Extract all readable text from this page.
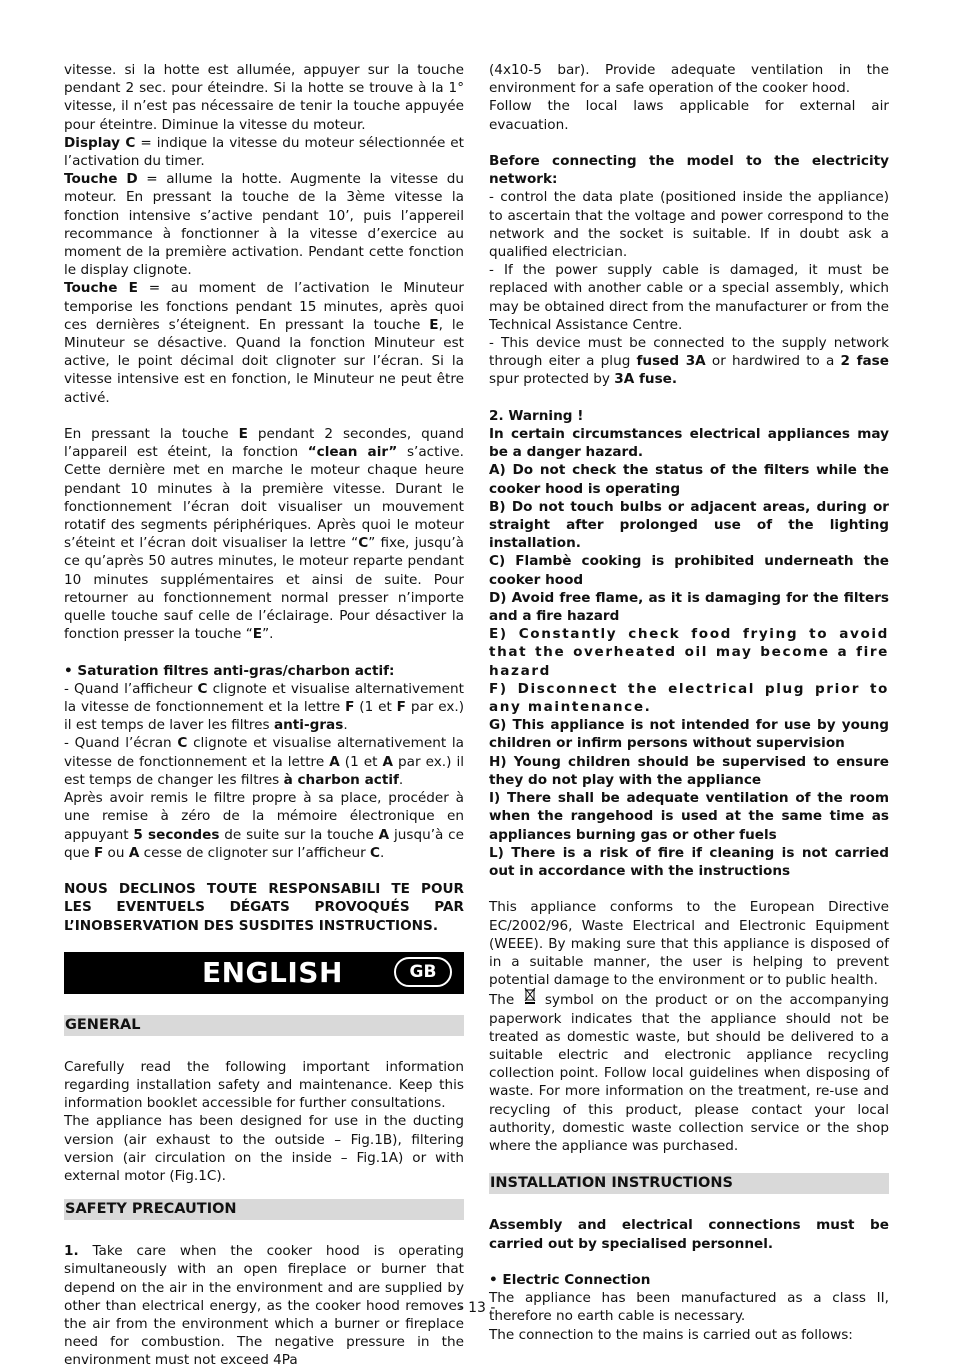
vitesse. si la hotte est allumée, appuyer sur la touche pendant 2 sec. pour éteindre. Si la hotte se trouve à la 1° vitesse, il n’est pas nécessaire de tenir la touche appuyée pour éteintre. Diminue la vitesse du moteur.

Display C = indique la vitesse du moteur sélectionnée et l’activation du timer.

Touche D = allume la hotte. Augmente la vitesse du moteur. En pressant la touche de la 3ème vitesse la fonction intensive s’active pendant 10’, puis l’appereil recommance à fonctionner à la vitesse d’exercice au moment de la première activation. Pendant cette fonction le display clignote.

Touche E = au moment de l’activation le Minuteur temporise les fonctions pendant 15 minutes, après quoi ces dernières s’éteignent. En pressant la touche E, le Minuteur se désactive. Quand la fonction Minuteur est active, le point décimal doit clignoter sur l’écran. Si la vitesse intensive est en fonction, le Minuteur ne peut être activé.

En pressant la touche E pendant 2 secondes, quand l’appareil est éteint, la fonction “clean air” s’active. Cette dernière met en marche le moteur chaque heure pendant 10 minutes à la première vitesse. Durant le fonctionnement l’écran doit visualiser un mouvement rotatif des segments périphériques. Après quoi le moteur s’éteint et l’écran doit visualiser la lettre “C” fixe, jusqu’à ce qu’après 50 autres minutes, le moteur reparte pendant 10 minutes supplémentaires et ainsi de suite. Pour retourner au fonctionnement normal presser n’importe quelle touche sauf celle de l’éclairage. Pour désactiver la fonction presser la touche “E”.

• Saturation filtres anti-gras/charbon actif:

- Quand l’afficheur C clignote et visualise alternativement la vitesse de fonctionnement et la lettre F (1 et F par ex.) il est temps de laver les filtres anti-gras.

- Quand l’écran C clignote et visualise alternativement la vitesse de fonctionnement et la lettre A (1 et A par ex.) il est temps de changer les filtres à charbon actif.

Après avoir remis le filtre propre à sa place, procéder à une remise à zéro de la mémoire électronique en appuyant 5 secondes de suite sur la touche A jusqu’à ce que F ou A cesse de clignoter sur l’afficheur C.

NOUS DECLINOS TOUTE RESPONSABILI TE POUR LES EVENTUELS DÉGATS PROVOQUÉS PAR L’INOBSERVATION DES SUSDITES INSTRUCTIONS.

ENGLISH	GB
GENERAL

Carefully read the following important information regarding installation safety and maintenance. Keep this information booklet accessible for further consultations.

The appliance has been designed for use in the ducting version (air exhaust to the outside – Fig.1B), filtering version (air circulation on the inside – Fig.1A) or with external motor (Fig.1C).

SAFETY PRECAUTION

1. Take care when the cooker hood is operating simultaneously with an open fireplace or burner that depend on the air in the environment and are supplied by other than electrical energy, as the cooker hood removes the air from the environment which a burner or fireplace need for combustion. The negative pressure in the environment must not exceed 4Pa

(4x10-5 bar). Provide adequate ventilation in the environment for a safe operation of the cooker hood.

Follow the local laws applicable for external air evacuation.

Before connecting the model to the electricity network:

- control the data plate (positioned inside the appliance) to ascertain that the voltage and power correspond to the network and the socket is suitable. If in doubt ask a qualified electrician.

- If the power supply cable is damaged, it must be replaced with another cable or a special assembly, which may be obtained direct from the manufacturer or from the Technical Assistance Centre.

- This device must be connected to the supply network through eiter a plug fused 3A or hardwired to a 2 fase spur protected by 3A fuse.

2. Warning !

In certain circumstances electrical appliances may be a danger hazard.

A) Do not check the status of the filters while the cooker hood is operating

B) Do not touch bulbs or adjacent areas, during or straight after prolonged use of the lighting installation.

C) Flambè cooking is prohibited underneath the cooker hood

D) Avoid free flame, as it is damaging for the filters and a fire hazard

E) Constantly check food frying to avoid that the overheated oil may become a fire hazard

F) Disconnect the electrical plug prior to any maintenance.

G) This appliance is not intended for use by young children or infirm persons without supervision

H) Young children should be supervised to ensure they do not play with the appliance

I) There shall be adequate ventilation of the room when the rangehood is used at the same time as appliances burning gas or other fuels

L) There is a risk of fire if cleaning is not carried out in accordance with the instructions

This appliance conforms to the European Directive EC/2002/96, Waste Electrical and Electronic Equipment (WEEE). By making sure that this appliance is disposed of in a suitable manner, the user is helping to prevent potential damage to the environment or to public health.

The
symbol on the product or on the accompanying paperwork indicates that the appliance should not be treated as domestic waste, but should be delivered to a suitable electric and electronic appliance recycling collection point. Follow local guidelines when disposing of waste. For more information on the treatment, re-use and recycling of this product, please contact your local authority, domestic waste collection service or the shop where the appliance was purchased.

INSTALLATION INSTRUCTIONS

Assembly and electrical connections must be carried out by specialised personnel.

• Electric Connection

The appliance has been manufactured as a class II, therefore no earth cable is necessary.

The connection to the mains is carried out as follows:

- 13 -
